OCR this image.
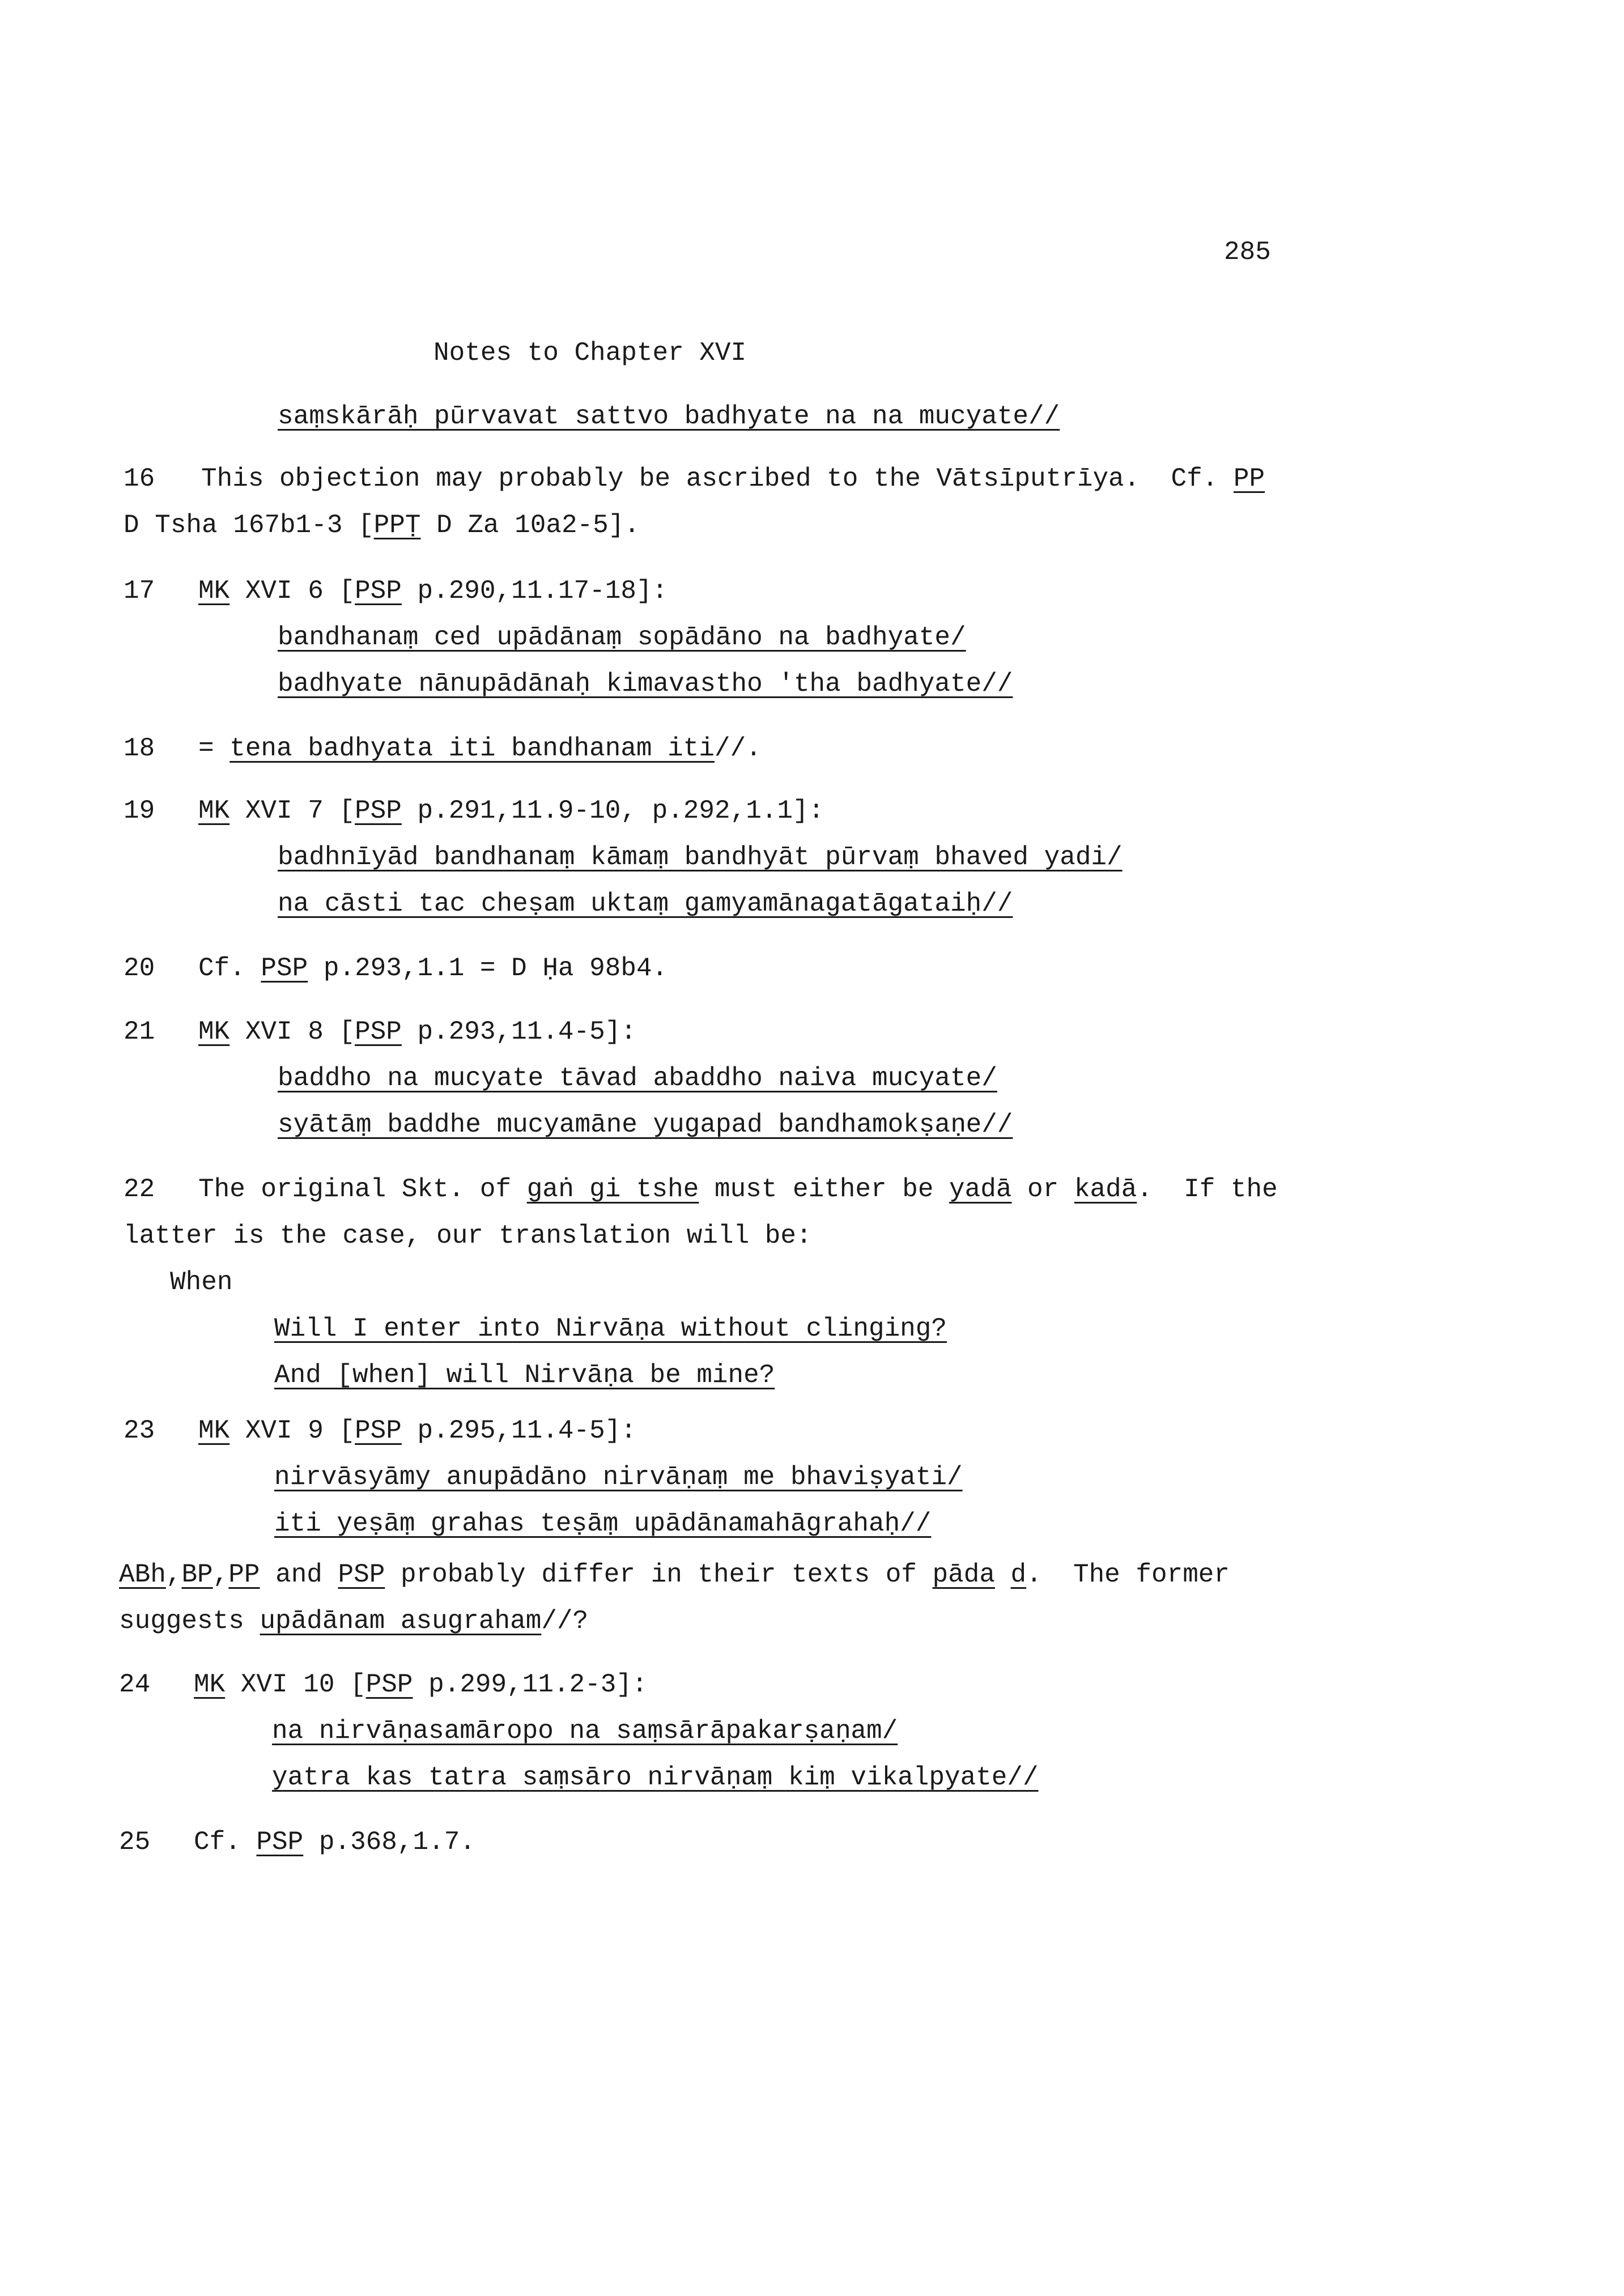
285
Notes to Chapter XVI
saṃskārāḥ pūrvavat sattvo badhyate na na mucyate//
16 This objection may probably be ascribed to the Vātsīputrīya.  Cf. PP
D Tsha 167b1-3 [PPṬ D Za 10a2-5].
17 MK XVI 6 [PSP p.290,11.17-18]:
bandhanaṃ ced upādānaṃ sopādāno na badhyate/
badhyate nānupādānaḥ kimavastho 'tha badhyate//
18 = tena badhyata iti bandhanam iti//.
19 MK XVI 7 [PSP p.291,11.9-10, p.292,1.1]:
badhnīyād bandhanaṃ kāmaṃ bandhyāt pūrvaṃ bhaved yadi/
na cāsti tac cheṣam uktaṃ gamyamānagatāgataiḥ//
20 Cf. PSP p.293,1.1 = D Ḥa 98b4.
21 MK XVI 8 [PSP p.293,11.4-5]:
baddho na mucyate tāvad abaddho naiva mucyate/
syātāṃ baddhe mucyamāne yugapad bandhamokṣaṇe//
22 The original Skt. of gaṅ gi tshe must either be yadā or kadā.  If the
latter is the case, our translation will be:
When
Will I enter into Nirvāṇa without clinging?
And [when] will Nirvāṇa be mine?
23 MK XVI 9 [PSP p.295,11.4-5]:
nirvāsyāmy anupādāno nirvāṇaṃ me bhaviṣyati/
iti yeṣāṃ grahas teṣāṃ upādānamahāgrahaḥ//
ABh,BP,PP and PSP probably differ in their texts of pāda d.  The former
suggests upādānam asugraham//?
24 MK XVI 10 [PSP p.299,11.2-3]:
na nirvāṇasamāropo na saṃsārāpakarṣaṇam/
yatra kas tatra saṃsāro nirvāṇaṃ kiṃ vikalpyate//
25 Cf. PSP p.368,1.7.
